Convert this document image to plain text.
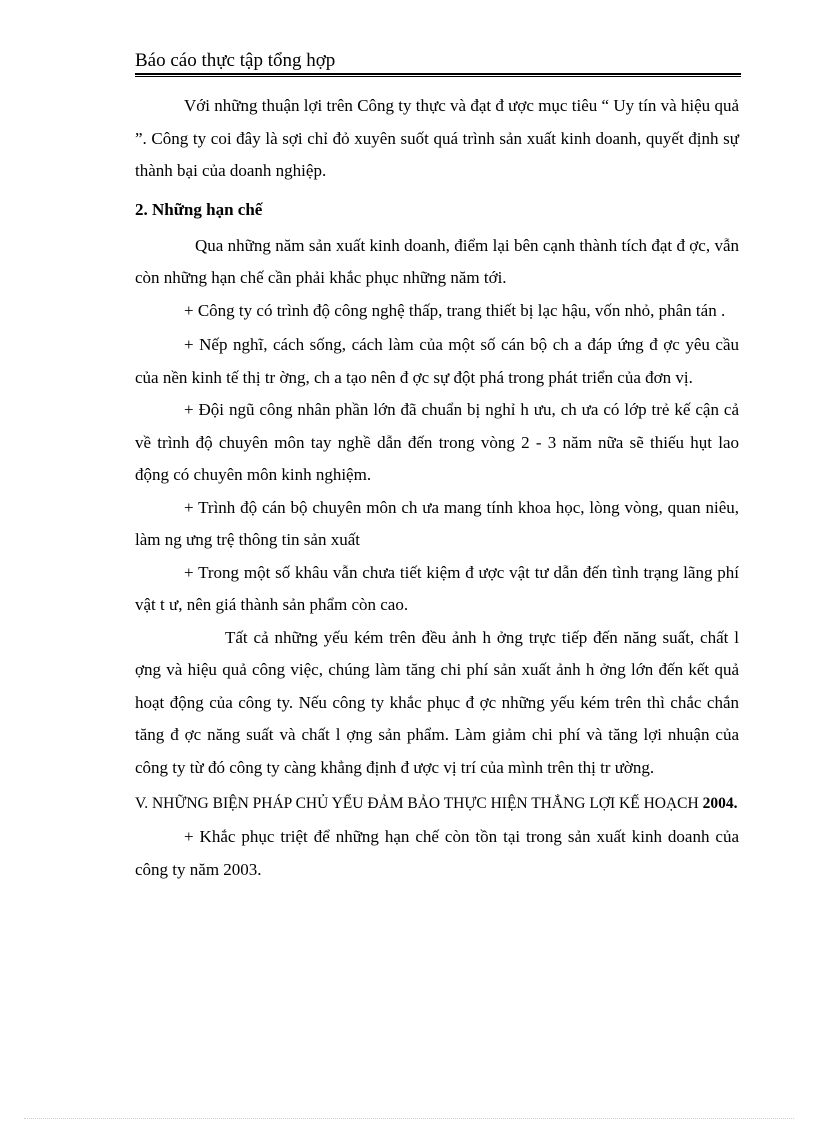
Báo cáo thực tập tổng hợp

Với những thuận lợi trên Công ty thực và đạt đ ược mục tiêu “ Uy tín và hiệu quả ”. Công ty coi đây là sợi chỉ đỏ xuyên suốt quá trình sản xuất kinh doanh, quyết định sự thành bại của doanh nghiệp.

2. Những hạn chế

Qua những năm sản xuất kinh doanh, điểm lại bên cạnh thành tích đạt đ ợc, vẫn còn những hạn chế cần phải khắc phục những năm tới.

+ Công ty có trình độ công nghệ thấp, trang thiết bị lạc hậu, vốn nhỏ, phân tán .

+ Nếp nghĩ, cách sống, cách làm của một số cán bộ ch a đáp ứng đ ợc yêu cầu của nền kinh tế thị tr ờng, ch a tạo nên đ ợc sự đột phá trong phát triển của đơn vị.

+ Đội ngũ công nhân phần lớn đã chuẩn bị nghỉ h ưu, ch ưa có lớp trẻ kế cận cả về trình độ chuyên môn tay nghề dẫn đến trong vòng 2 - 3 năm nữa sẽ thiếu hụt lao động có chuyên môn kinh nghiệm.

+ Trình độ cán bộ chuyên môn ch ưa mang tính khoa học, lòng vòng, quan niêu, làm ng ưng trệ thông tin sản xuất

+ Trong một số khâu vẫn chưa tiết kiệm đ ược vật tư dẫn đến tình trạng lãng phí vật t ư, nên giá thành sản phẩm còn cao.

Tất cả những yếu kém trên đều ảnh h ởng trực tiếp đến năng suất, chất l ợng và hiệu quả công việc, chúng làm tăng chi phí sản xuất ảnh h ởng lớn đến kết quả hoạt động của công ty. Nếu công ty khắc phục đ ợc những yếu kém trên thì chắc chắn tăng đ ợc năng suất và chất l ợng sản phẩm. Làm giảm chi phí và tăng lợi nhuận của công ty từ đó công ty càng khẳng định đ ược vị trí của mình trên thị tr ường.

V. NHỮNG BIỆN PHÁP CHỦ YẾU ĐẢM BẢO THỰC HIỆN THẮNG LỢI KẾ HOẠCH 2004.

+ Khắc phục triệt để những hạn chế còn tồn tại trong sản xuất kinh doanh của công ty năm 2003.
